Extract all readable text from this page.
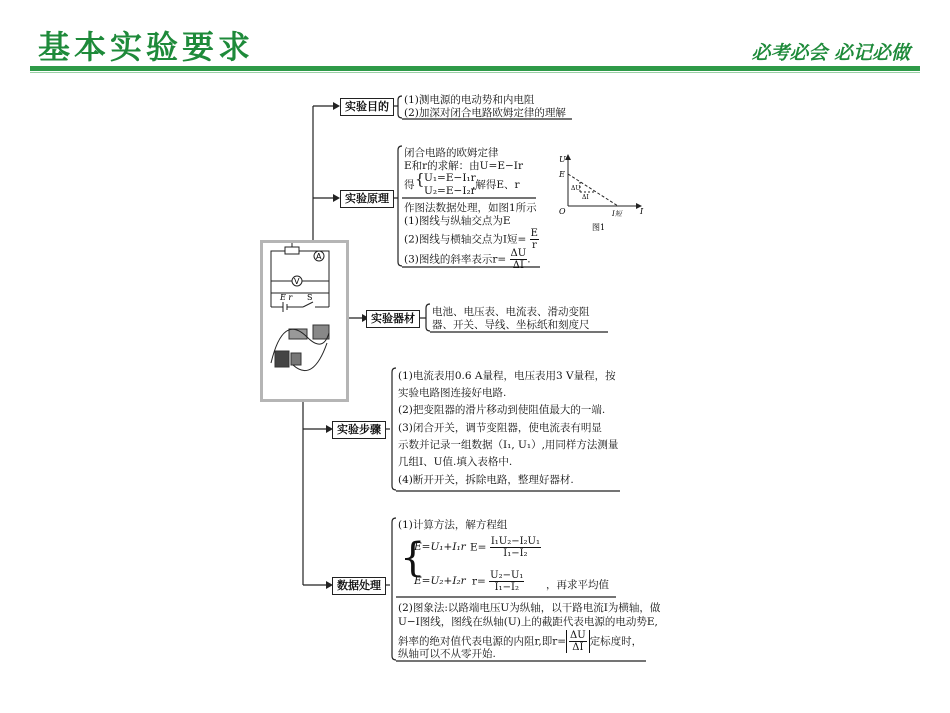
基本实验要求	必考必会 必记必做
A
V
E r S
实验目的	(1)测电源的电动势和内电阻
(2)加深对闭合电路欧姆定律的理解
实验原理
闭合电路的欧姆定律
E和r的求解：由U=E−Ir
得 { U₁=E−I₁r
U₂=E−I₂r
,解得E、r
作图法数据处理，如图1所示
(1)图线与纵轴交点为E
(2)图线与横轴交点为I短= $\frac{E}{r}$
(3)图线的斜率表示$r= \frac{\Delta U}{\Delta I}$ .
U
E
O	I
I短
ΔU
ΔI
图1
实验器材	电池、电压表、电流表、滑动变阻
器、开关、导线、坐标纸和刻度尺
实验步骤
(1)电流表用0.6 A量程，电压表用3 V量程，按
实验电路图连接好电路.
(2)把变阻器的滑片移动到使阻值最大的一端.
(3)闭合开关，调节变阻器，使电流表有明显
示数并记录一组数据（I₁, U₁）,用同样方法测量
几组I、U值.填入表格中.
(4)断开开关，拆除电路，整理好器材.
数据处理
(1)计算方法，解方程组
{
E=U₁+I₁r
E=U₂+I₂r
$E= \frac{\text{I₁U₂−I₂U₁}}{\text{I₁−I₂}}$
$r= \frac{\text{U₂−U₁}}{\text{I₁−I₂}}$ ，再求平均值
(2)图象法:以路端电压U为纵轴，以干路电流I为横轴，做
U−I图线，图线在纵轴(U)上的截距代表电源的电动势E,
斜率的绝对值代表电源的内阻r,即$r= \frac{\Delta U}{\Delta I}$ 定标度时，
纵轴可以不从零开始.
